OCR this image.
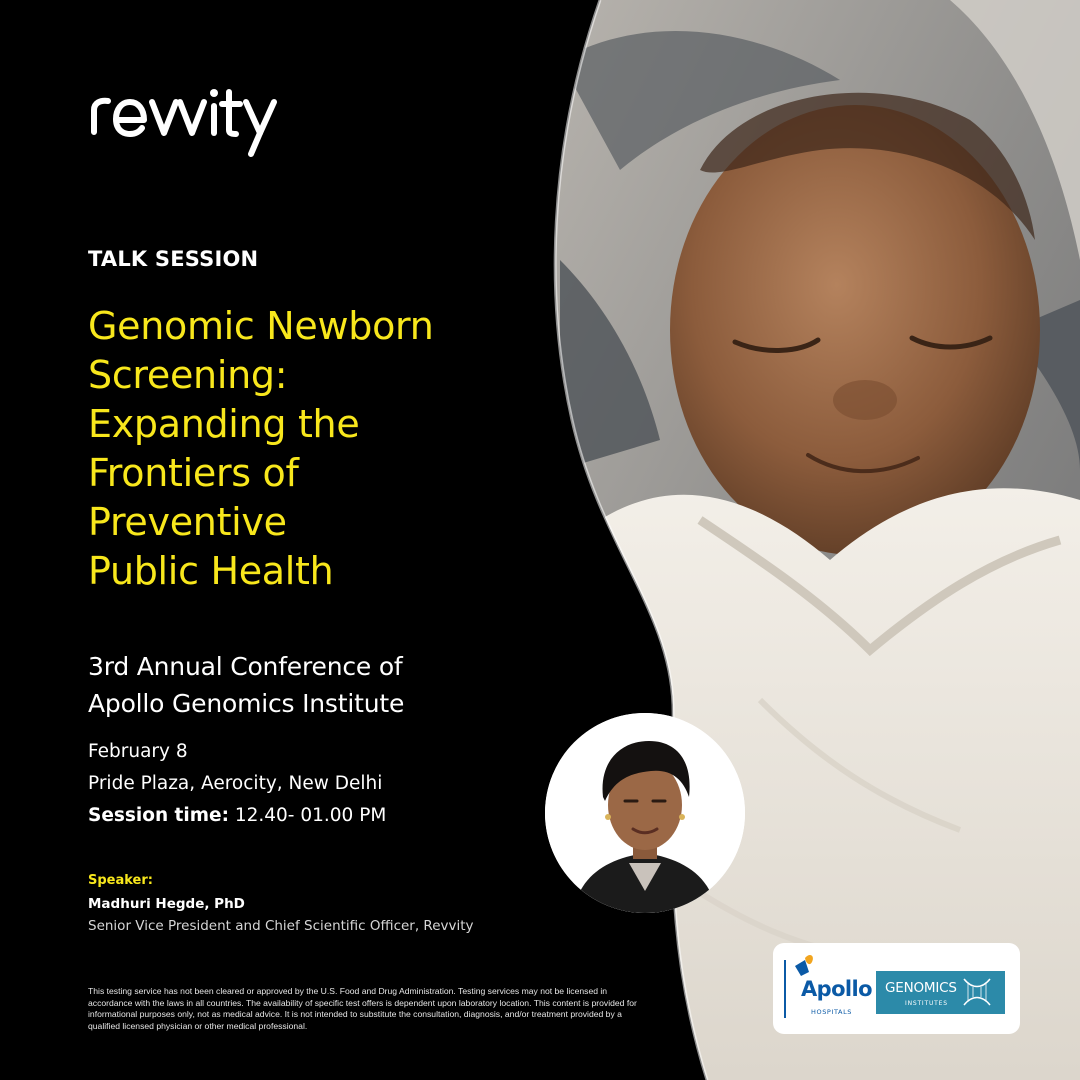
TALK SESSION
Genomic Newborn
Screening:
Expanding the
Frontiers of
Preventive
Public Health
3rd Annual Conference of
Apollo Genomics Institute
February 8
Pride Plaza, Aerocity, New Delhi
Session time: 12.40- 01.00 PM
Speaker:
Madhuri Hegde, PhD
Senior Vice President and Chief Scientific Officer, Revvity

This testing service has not been cleared or approved by the U.S. Food and Drug Administration. Testing services may not be licensed in accordance with the laws in all countries. The availability of specific test offers is dependent upon laboratory location. This content is provided for informational purposes only, not as medical advice. It is not intended to substitute the consultation, diagnosis, and/or treatment provided by a qualified licensed physician or other medical professional.

Apollo
HOSPITALS
GENOMICS
INSTITUTES
